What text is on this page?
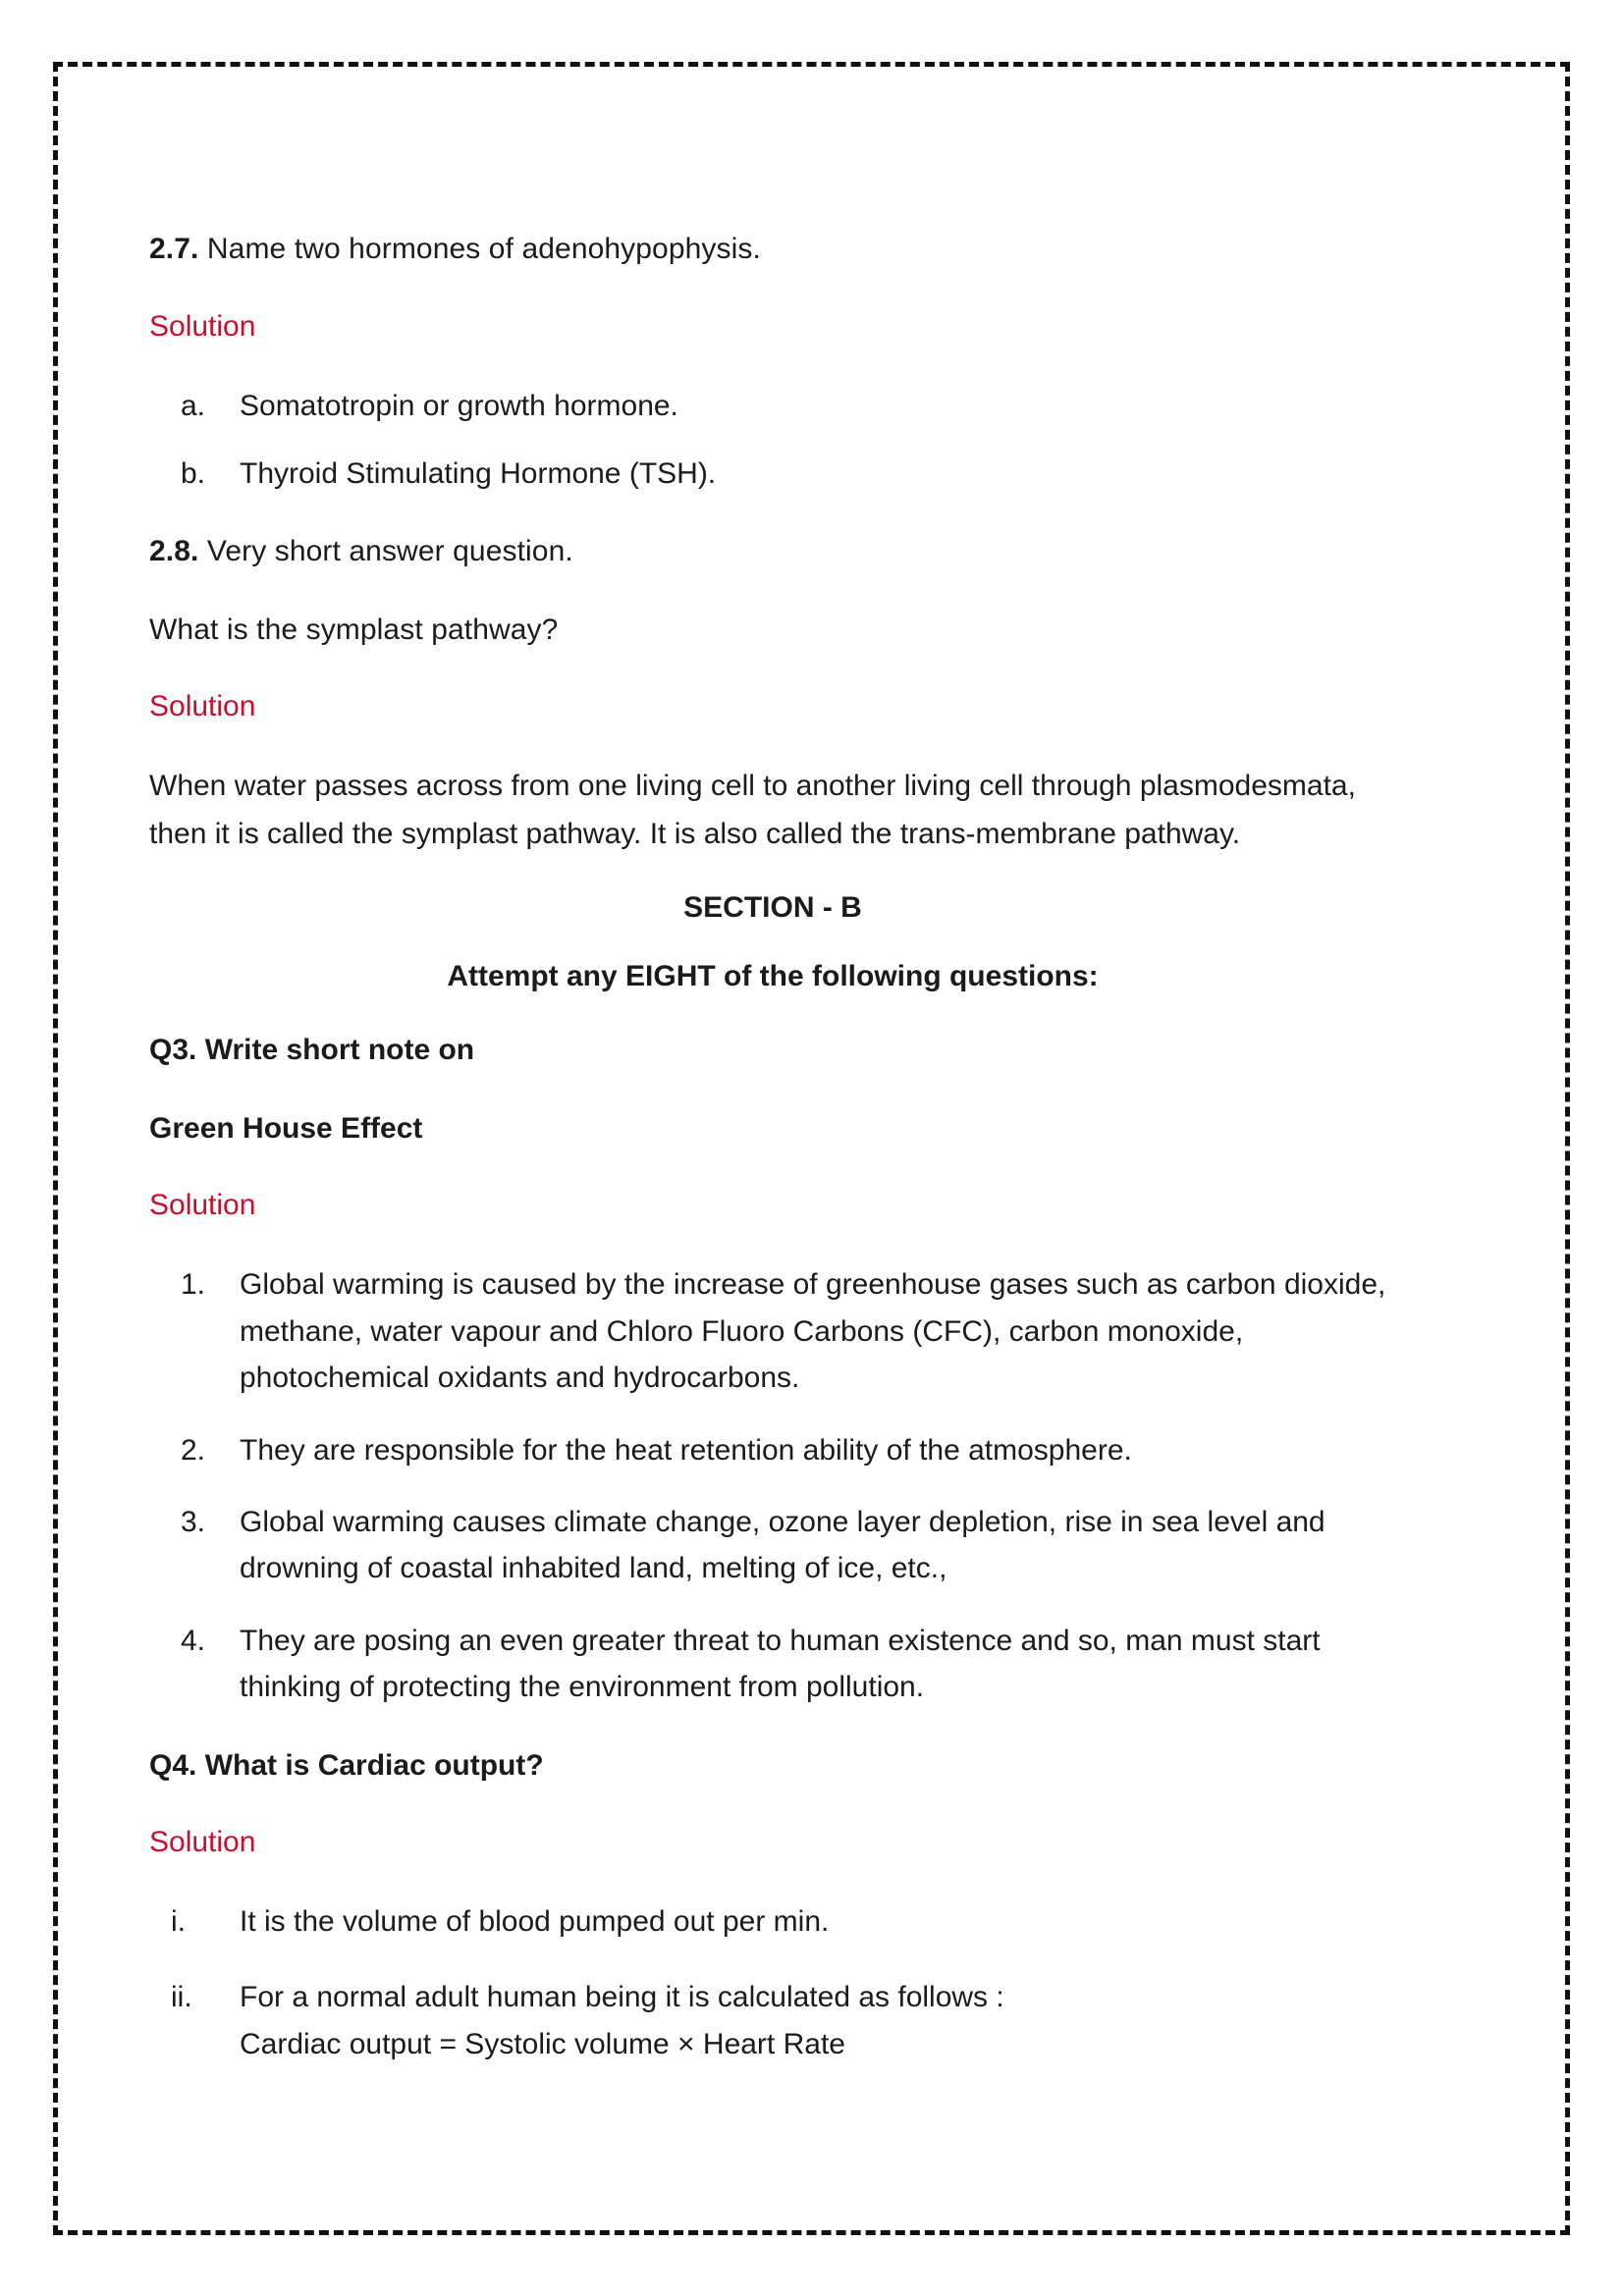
2.7. Name two hormones of adenohypophysis.

Solution

a.	Somatotropin or growth hormone.
b.	Thyroid Stimulating Hormone (TSH).

2.8. Very short answer question.

What is the symplast pathway?

Solution

When water passes across from one living cell to another living cell through plasmodesmata, then it is called the symplast pathway. It is also called the trans-membrane pathway.

SECTION - B

Attempt any EIGHT of the following questions:

Q3. Write short note on

Green House Effect

Solution

1.	Global warming is caused by the increase of greenhouse gases such as carbon dioxide, methane, water vapour and Chloro Fluoro Carbons (CFC), carbon monoxide, photochemical oxidants and hydrocarbons.
2.	They are responsible for the heat retention ability of the atmosphere.
3.	Global warming causes climate change, ozone layer depletion, rise in sea level and drowning of coastal inhabited land, melting of ice, etc.,
4.	They are posing an even greater threat to human existence and so, man must start thinking of protecting the environment from pollution.

Q4. What is Cardiac output?

Solution

i.	It is the volume of blood pumped out per min.
ii.	For a normal adult human being it is calculated as follows :
Cardiac output = Systolic volume × Heart Rate
